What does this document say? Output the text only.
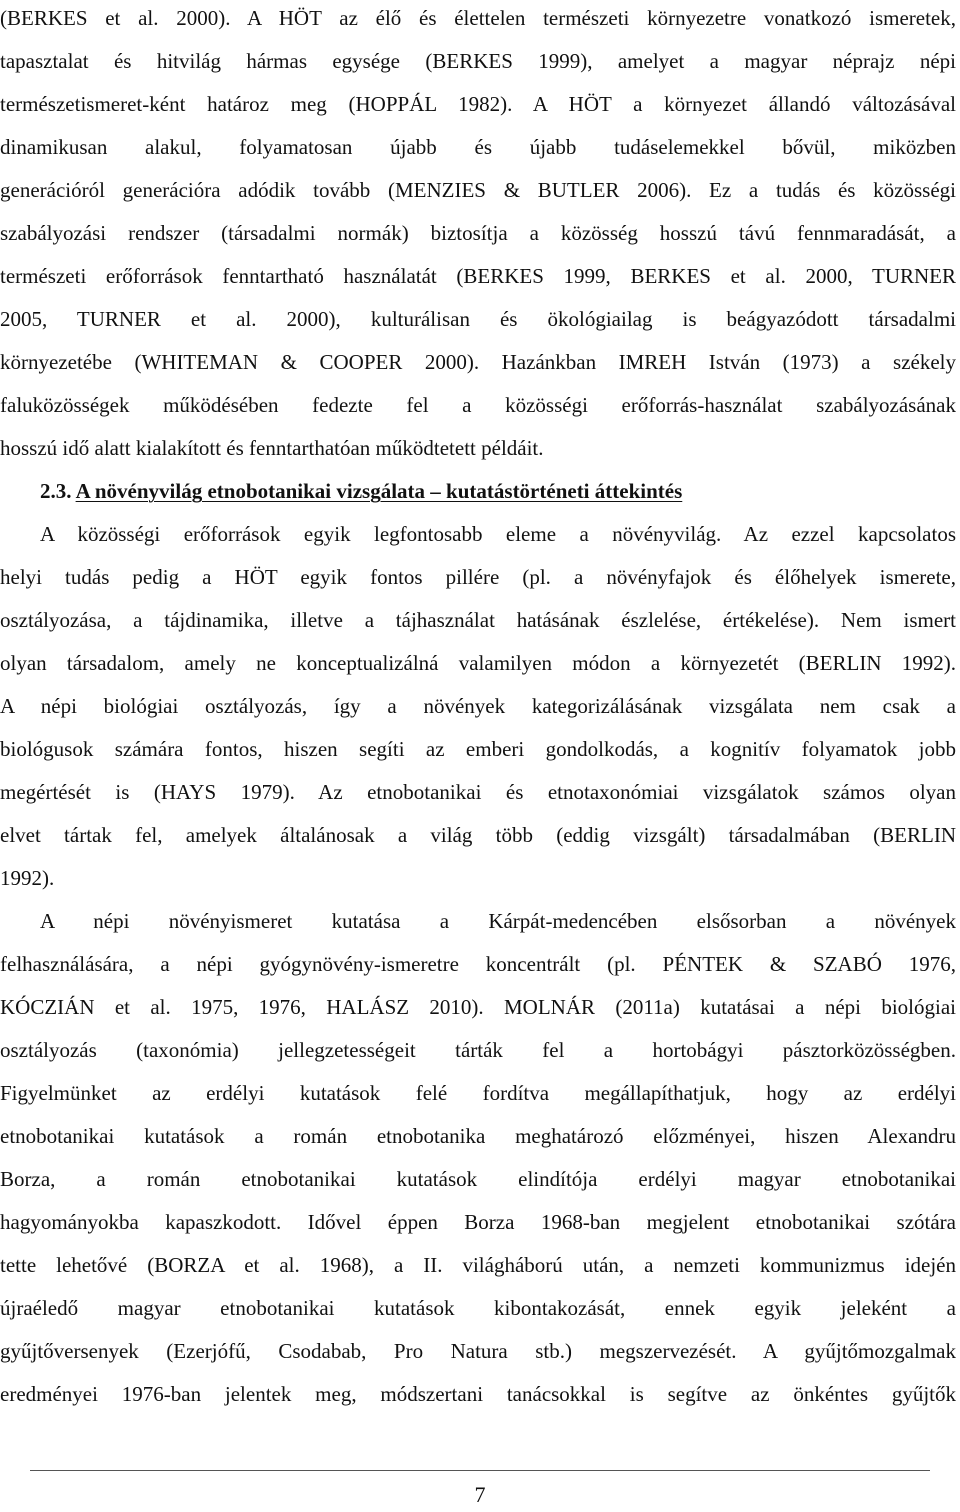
(BERKES et al. 2000). A HÖT az élő és élettelen természeti környezetre vonatkozó ismeretek,
tapasztalat és hitvilág hármas egysége (BERKES 1999), amelyet a magyar néprajz népi
természetismeret-ként határoz meg (HOPPÁL 1982). A HÖT a környezet állandó változásával
dinamikusan alakul, folyamatosan újabb és újabb tudáselemekkel bővül, miközben
generációról generációra adódik tovább (MENZIES & BUTLER 2006). Ez a tudás és közösségi
szabályozási rendszer (társadalmi normák) biztosítja a közösség hosszú távú fennmaradását, a
természeti erőforrások fenntartható használatát (BERKES 1999, BERKES et al. 2000, TURNER
2005, TURNER et al. 2000), kulturálisan és ökológiailag is beágyazódott társadalmi
környezetébe (WHITEMAN & COOPER 2000). Hazánkban IMREH István (1973) a székely
faluközösségek működésében fedezte fel a közösségi erőforrás-használat szabályozásának
hosszú idő alatt kialakított és fenntarthatóan működtetett példáit.
2.3. A növényvilág etnobotanikai vizsgálata – kutatástörténeti áttekintés
A közösségi erőforrások egyik legfontosabb eleme a növényvilág. Az ezzel kapcsolatos
helyi tudás pedig a HÖT egyik fontos pillére (pl. a növényfajok és élőhelyek ismerete,
osztályozása, a tájdinamika, illetve a tájhasználat hatásának észlelése, értékelése). Nem ismert
olyan társadalom, amely ne konceptualizálná valamilyen módon a környezetét (BERLIN 1992).
A népi biológiai osztályozás, így a növények kategorizálásának vizsgálata nem csak a
biológusok számára fontos, hiszen segíti az emberi gondolkodás, a kognitív folyamatok jobb
megértését is (HAYS 1979). Az etnobotanikai és etnotaxonómiai vizsgálatok számos olyan
elvet tártak fel, amelyek általánosak a világ több (eddig vizsgált) társadalmában (BERLIN
1992).
A népi növényismeret kutatása a Kárpát-medencében elsősorban a növények
felhasználására, a népi gyógynövény-ismeretre koncentrált (pl. PÉNTEK & SZABÓ 1976,
KÓCZIÁN et al. 1975, 1976, HALÁSZ 2010). MOLNÁR (2011a) kutatásai a népi biológiai
osztályozás (taxonómia) jellegzetességeit tárták fel a hortobágyi pásztorközösségben.
Figyelmünket az erdélyi kutatások felé fordítva megállapíthatjuk, hogy az erdélyi
etnobotanikai kutatások a román etnobotanika meghatározó előzményei, hiszen Alexandru
Borza, a román etnobotanikai kutatások elindítója erdélyi magyar etnobotanikai
hagyományokba kapaszkodott. Idővel éppen Borza 1968-ban megjelent etnobotanikai szótára
tette lehetővé (BORZA et al. 1968), a II. világháború után, a nemzeti kommunizmus idején
újraéledő magyar etnobotanikai kutatások kibontakozását, ennek egyik jeleként a
gyűjtőversenyek (Ezerjófű, Csodabab, Pro Natura stb.) megszervezését. A gyűjtőmozgalmak
eredményei 1976-ban jelentek meg, módszertani tanácsokkal is segítve az önkéntes gyűjtők
7
